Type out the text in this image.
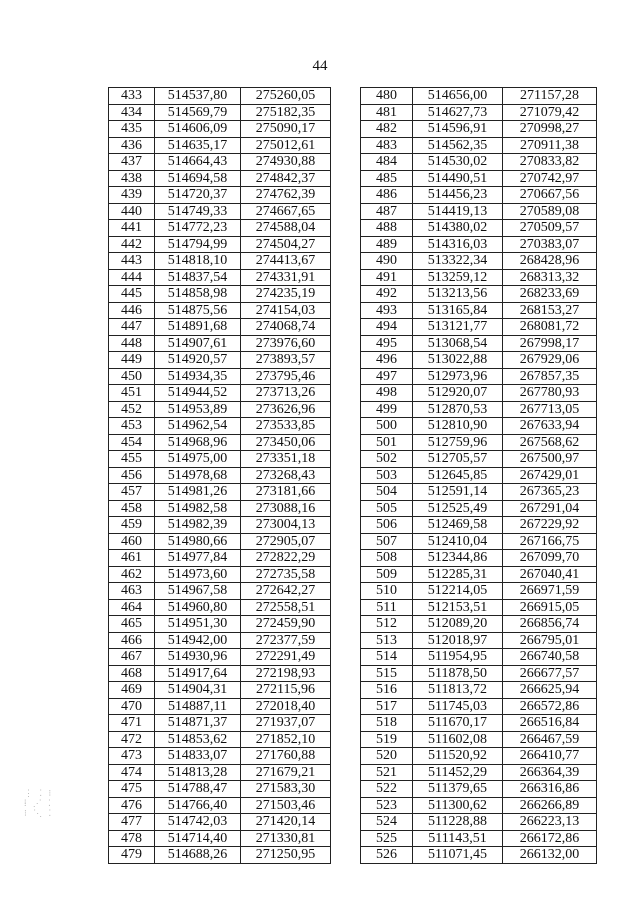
44
433	514537,80	275260,05
434	514569,79	275182,35
435	514606,09	275090,17
436	514635,17	275012,61
437	514664,43	274930,88
438	514694,58	274842,37
439	514720,37	274762,39
440	514749,33	274667,65
441	514772,23	274588,04
442	514794,99	274504,27
443	514818,10	274413,67
444	514837,54	274331,91
445	514858,98	274235,19
446	514875,56	274154,03
447	514891,68	274068,74
448	514907,61	273976,60
449	514920,57	273893,57
450	514934,35	273795,46
451	514944,52	273713,26
452	514953,89	273626,96
453	514962,54	273533,85
454	514968,96	273450,06
455	514975,00	273351,18
456	514978,68	273268,43
457	514981,26	273181,66
458	514982,58	273088,16
459	514982,39	273004,13
460	514980,66	272905,07
461	514977,84	272822,29
462	514973,60	272735,58
463	514967,58	272642,27
464	514960,80	272558,51
465	514951,30	272459,90
466	514942,00	272377,59
467	514930,96	272291,49
468	514917,64	272198,93
469	514904,31	272115,96
470	514887,11	272018,40
471	514871,37	271937,07
472	514853,62	271852,10
473	514833,07	271760,88
474	514813,28	271679,21
475	514788,47	271583,30
476	514766,40	271503,46
477	514742,03	271420,14
478	514714,40	271330,81
479	514688,26	271250,95
480	514656,00	271157,28
481	514627,73	271079,42
482	514596,91	270998,27
483	514562,35	270911,38
484	514530,02	270833,82
485	514490,51	270742,97
486	514456,23	270667,56
487	514419,13	270589,08
488	514380,02	270509,57
489	514316,03	270383,07
490	513322,34	268428,96
491	513259,12	268313,32
492	513213,56	268233,69
493	513165,84	268153,27
494	513121,77	268081,72
495	513068,54	267998,17
496	513022,88	267929,06
497	512973,96	267857,35
498	512920,07	267780,93
499	512870,53	267713,05
500	512810,90	267633,94
501	512759,96	267568,62
502	512705,57	267500,97
503	512645,85	267429,01
504	512591,14	267365,23
505	512525,49	267291,04
506	512469,58	267229,92
507	512410,04	267166,75
508	512344,86	267099,70
509	512285,31	267040,41
510	512214,05	266971,59
511	512153,51	266915,05
512	512089,20	266856,74
513	512018,97	266795,01
514	511954,95	266740,58
515	511878,50	266677,57
516	511813,72	266625,94
517	511745,03	266572,86
518	511670,17	266516,84
519	511602,08	266467,59
520	511520,92	266410,77
521	511452,29	266364,39
522	511379,65	266316,86
523	511300,62	266266,89
524	511228,88	266223,13
525	511143,51	266172,86
526	511071,45	266132,00
⋮ ⁚ ⁝
⁞ ⋰ ⁚
⁝ ⋱ ⁚
